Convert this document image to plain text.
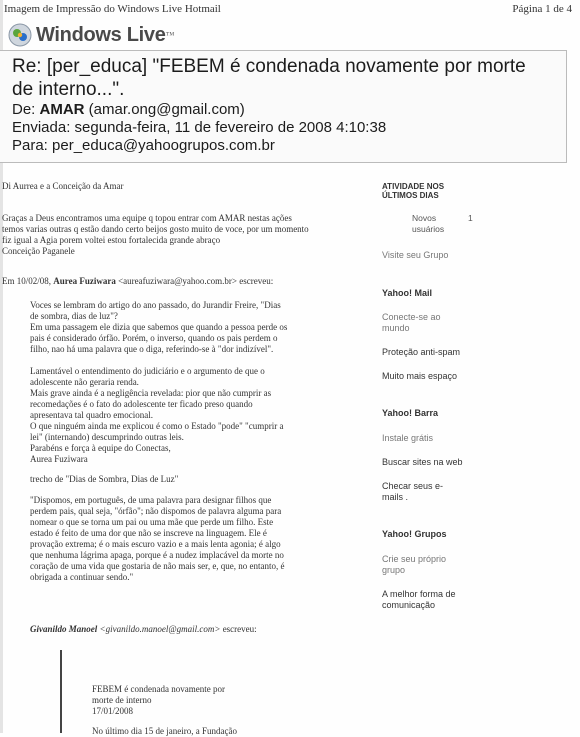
Imagem de Impressão do Windows Live Hotmail	Página 1 de 4
Windows Live ™
Re: [per_educa] "FEBEM é condenada novamente por morte
de interno...".
De: AMAR (amar.ong@gmail.com)
Enviada: segunda-feira, 11 de fevereiro de 2008 4:10:38
Para: per_educa@yahoogrupos.com.br
Di Aurrea e a Conceição da Amar
Graças a Deus encontramos uma equipe q topou entrar com AMAR nestas ações
temos varias outras q estão dando certo beijos gosto muito de voce, por um momento
fiz igual a Agia porem voltei estou fortalecida grande abraço
Conceição Paganele
Em 10/02/08, Aurea Fuziwara <aureafuziwara@yahoo.com.br> escreveu:
Voces se lembram do artigo do ano passado, do Jurandir Freire, "Dias
de sombra, dias de luz"?
Em uma passagem ele dizia que sabemos que quando a pessoa perde os
pais é considerado órfão. Porém, o inverso, quando os pais perdem o
filho, nao há uma palavra que o diga, referindo-se à "dor indizível".
Lamentável o entendimento do judiciário e o argumento de que o
adolescente não geraria renda.
Mais grave ainda é a negligência revelada: pior que não cumprir as
recomedações é o fato do adolescente ter ficado preso quando
apresentava tal quadro emocional.
O que ninguém ainda me explicou é como o Estado "pode" "cumprir a
lei" (internando) descumprindo outras leis.
Parabéns e força à equipe do Conectas,
Aurea Fuziwara
trecho de "Dias de Sombra, Dias de Luz"
"Dispomos, em português, de uma palavra para designar filhos que
perdem pais, qual seja, "órfão"; não dispomos de palavra alguma para
nomear o que se torna um pai ou uma mãe que perde um filho. Este
estado é feito de uma dor que não se inscreve na linguagem. Ele é
provação extrema; é o mais escuro vazio e a mais lenta agonia; é algo
que nenhuma lágrima apaga, porque é a nudez implacável da morte no
coração de uma vida que gostaria de não mais ser, e, que, no entanto, é
obrigada a continuar sendo."
Givanildo Manoel <givanildo.manoel@gmail.com> escreveu:
FEBEM é condenada novamente por
morte de interno
17/01/2008
No último dia 15 de janeiro, a Fundação
ATIVIDADE NOS
ÚLTIMOS DIAS
Novos
usuários
1
Visite seu Grupo
Yahoo! Mail
Conecte-se ao
mundo
Proteção anti-spam
Muito mais espaço
Yahoo! Barra
Instale grátis
Buscar sites na web
Checar seus e-
mails .
Yahoo! Grupos
Crie seu próprio
grupo
A melhor forma de
comunicação
